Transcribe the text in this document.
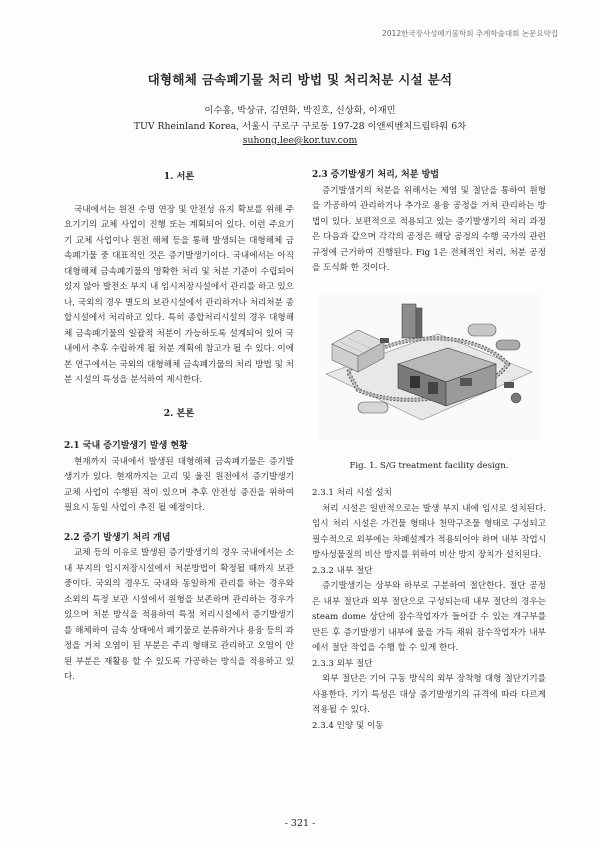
2012한국장사성폐기물학회 추계학술대회 논문요약집
대형해체 금속폐기물 처리 방법 및 처리처분 시설 분석
이수홍, 박상규, 김연화, 박진호, 신상화, 이재민
TUV Rheinland Korea, 서울시 구로구 구로동 197-28 이앤씨벤처드림타워 6차
suhong.lee@kor.tuv.com

1. 서론

국내에서는 원전 수명 연장 및 안전성 유지 확보를 위해 주요기기의 교체 사업이 진행 또는 계획되어 있다. 이런 주요기기 교체 사업이나 원전 해체 등을 통해 발생되는 대형해체 금속폐기물 중 대표적인 것은 증기발생기이다. 국내에서는 아직 대형해체 금속폐기물의 명확한 처리 및 처분 기준이 수립되어 있지 않아 발전소 부지 내 임시저장시설에서 관리를 하고 있으나, 국외의 경우 별도의 보관시설에서 관리하거나 처리처분 종합시설에서 처리하고 있다. 특히 종합처리시설의 경우 대형해체 금속폐기물의 일괄적 처분이 가능하도록 설계되어 있어 국내에서 추후 수립하게 될 처분 계획에 참고가 될 수 있다. 이에 본 연구에서는 국외의 대형해체 금속폐기물의 처리 방법 및 처분 시설의 특성을 분석하여 제시한다.

2. 본론

2.1 국내 증기발생기 발생 현황

현재까지 국내에서 발생된 대형해체 금속폐기물은 증기발생기가 있다. 현재까지는 고리 및 울진 원전에서 증기발생기 교체 사업이 수행된 적이 있으며 추후 안전성 증진을 위하여 필요시 동일 사업이 추진 될 예정이다.

2.2 증기 발생기 처리 개념

교체 등의 이유로 발생된 증기발생기의 경우 국내에서는 소내 부지의 임시저장시설에서 처분방법이 확정될 때까지 보관 중이다. 국외의 경우도 국내와 동일하게 관리를 하는 경우와 소외의 특정 보관 시설에서 원형을 보존하며 관리하는 경우가 있으며 처분 방식을 적용하여 특정 처리시설에서 증기발생기를 해체하여 금속 상태에서 폐기물로 분류하거나 용융 등의 과정을 거쳐 오염이 된 부분은 주괴 형태로 관리하고 오염이 안 된 부분은 재활용 할 수 있도록 가공하는 방식을 적용하고 있다.

2.3 증기발생기 처리, 처분 방법

증기발생기의 처분을 위해서는 제염 및 절단을 통하여 원형을 가공하여 관리하거나 추가로 용융 공정을 거쳐 관리하는 방법이 있다. 보편적으로 적용되고 있는 증기발생기의 처리 과정은 다음과 같으며 각각의 공정은 해당 공정의 수행 국가의 관련 규정에 근거하여 진행된다. Fig 1은 전체적인 처리, 처분 공정을 도식화 한 것이다.

Fig. 1. S/G treatment facility design.

2.3.1 처리 시설 설치

처리 시설은 일반적으로는 발생 부지 내에 임시로 설치된다. 임시 처리 시설은 가건물 형태나 천막구조물 형태로 구성되고 필수적으로 외부에는 차폐설계가 적용되어야 하며 내부 작업시 방사성물질의 비산 방지를 위하여 비산 방지 장치가 설치된다.

2.3.2 내부 절단

증기발생기는 상부와 하부로 구분하여 절단한다. 절단 공정은 내부 절단과 외부 절단으로 구성되는데 내부 절단의 경우는 steam dome 상단에 잠수작업자가 들어갈 수 있는 개구부를 만든 후 증기발생기 내부에 물을 가득 채워 잠수작업자가 내부에서 절단 작업을 수행 할 수 있게 한다.

2.3.3 외부 절단

외부 절단은 기어 구동 방식의 외부 장착형 대형 절단기기를 사용한다. 기기 특성은 대상 증기발생기의 규격에 따라 다르게 적용될 수 있다.

2.3.4 인양 및 이동

- 321 -
